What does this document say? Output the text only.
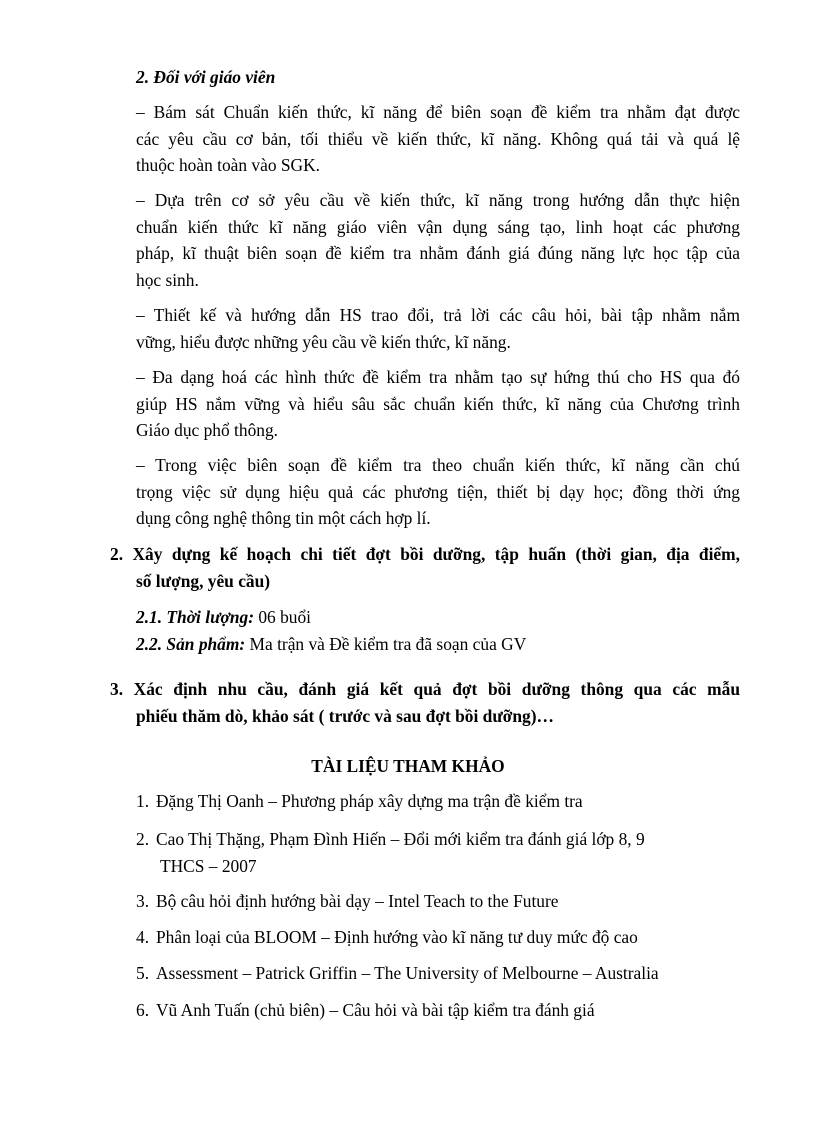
2. Đối với giáo viên
– Bám sát Chuẩn kiến thức, kĩ năng để biên soạn đề kiểm tra nhằm đạt được
các yêu cầu cơ bản, tối thiểu về kiến thức, kĩ năng. Không quá tải và quá lệ
thuộc hoàn toàn vào SGK.
– Dựa trên cơ sở yêu cầu về kiến thức, kĩ năng trong hướng dẫn thực hiện
chuẩn kiến thức kĩ năng giáo viên vận dụng sáng tạo, linh hoạt các phương
pháp, kĩ thuật biên soạn đề kiểm tra nhằm đánh giá đúng năng lực học tập của
học sinh.
– Thiết kế và hướng dẫn HS trao đổi, trả lời các câu hỏi, bài tập nhằm nắm
vững, hiểu được những yêu cầu về kiến thức, kĩ năng.
– Đa dạng hoá các hình thức đề kiểm tra nhằm tạo sự hứng thú cho HS qua đó
giúp HS nắm vững và hiểu sâu sắc chuẩn kiến thức, kĩ năng của Chương trình
Giáo dục phổ thông.
– Trong việc biên soạn đề kiểm tra theo chuẩn kiến thức, kĩ năng cần chú
trọng việc sử dụng hiệu quả các phương tiện, thiết bị dạy học; đồng thời ứng
dụng công nghệ thông tin một cách hợp lí.
2. Xây dựng kế hoạch chi tiết đợt bồi dưỡng, tập huấn (thời gian, địa điểm,
số lượng, yêu cầu)
2.1. Thời lượng: 06 buổi
2.2. Sản phẩm: Ma trận và Đề kiểm tra đã soạn của GV
3. Xác định nhu cầu, đánh giá kết quả đợt bồi dưỡng thông qua các mẫu
phiếu thăm dò, khảo sát ( trước và sau đợt bồi dưỡng)…
TÀI LIỆU THAM KHẢO
1. Đặng Thị Oanh – Phương pháp xây dựng ma trận đề kiểm tra
2. Cao Thị Thặng, Phạm Đình Hiến – Đổi mới kiểm tra đánh giá lớp 8, 9
THCS – 2007
3. Bộ câu hỏi định hướng bài dạy – Intel Teach to the Future
4. Phân loại của BLOOM – Định hướng vào kĩ năng tư duy mức độ cao
5. Assessment – Patrick Griffin – The University of Melbourne – Australia
6. Vũ Anh Tuấn (chủ biên) – Câu hỏi và bài tập kiểm tra đánh giá
